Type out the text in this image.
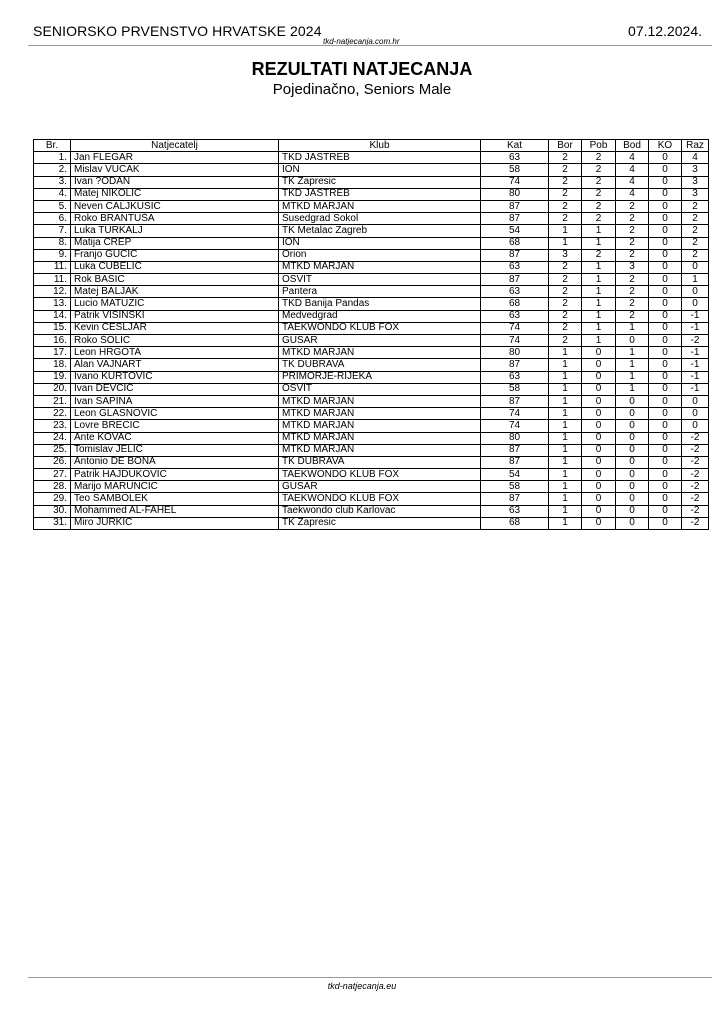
SENIORSKO PRVENSTVO HRVATSKE 2024
tkd-natjecanja.com.hr
07.12.2024.
REZULTATI NATJECANJA
Pojedinačno, Seniors Male
Br.	Natjecatelj	Klub	Kat	Bor	Pob	Bod	KO	Raz
1.	Jan FLEGAR	TKD JASTREB	63	2	2	4	0	4
2.	Mislav VUCAK	ION	58	2	2	4	0	3
3.	Ivan ?ODAN	TK Zapresic	74	2	2	4	0	3
4.	Matej NIKOLIC	TKD JASTREB	80	2	2	4	0	3
5.	Neven CALJKUSIC	MTKD MARJAN	87	2	2	2	0	2
6.	Roko BRANTUŠA	Susedgrad Sokol	87	2	2	2	0	2
7.	Luka TURKALJ	TK Metalac Zagreb	54	1	1	2	0	2
8.	Matija CREP	ION	68	1	1	2	0	2
9.	Franjo GUCIC	Orion	87	3	2	2	0	2
11.	Luka CUBELIC	MTKD MARJAN	63	2	1	3	0	0
11.	Rok BASIC	OSVIT	87	2	1	2	0	1
12.	Matej BALJAK	Pantera	63	2	1	2	0	0
13.	Lucio MATUZIC	TKD Banija Pandas	68	2	1	2	0	0
14.	Patrik VISINSKI	Medvedgrad	63	2	1	2	0	-1
15.	Kevin CESLJAR	TAEKWONDO KLUB FOX	74	2	1	1	0	-1
16.	Roko ŠOLIC	GUSAR	74	2	1	0	0	-2
17.	Leon HRGOTA	MTKD MARJAN	80	1	0	1	0	-1
18.	Alan VAJNART	TK DUBRAVA	87	1	0	1	0	-1
19.	Ivano KURTOVIC	PRIMORJE-RIJEKA	63	1	0	1	0	-1
20.	Ivan DEVCIC	OSVIT	58	1	0	1	0	-1
21.	Ivan SAPINA	MTKD MARJAN	87	1	0	0	0	0
22.	Leon GLASNOVIC	MTKD MARJAN	74	1	0	0	0	0
23.	Lovre BRECIC	MTKD MARJAN	74	1	0	0	0	0
24.	Ante KOVAC	MTKD MARJAN	80	1	0	0	0	-2
25.	Tomislav JELIC	MTKD MARJAN	87	1	0	0	0	-2
26.	Antonio DE BONA	TK DUBRAVA	87	1	0	0	0	-2
27.	Patrik HAJDUKOVIC	TAEKWONDO KLUB FOX	54	1	0	0	0	-2
28.	Marijo MARUNCIC	GUSAR	58	1	0	0	0	-2
29.	Teo SAMBOLEK	TAEKWONDO KLUB FOX	87	1	0	0	0	-2
30.	Mohammed AL-FAHEL	Taekwondo club Karlovac	63	1	0	0	0	-2
31.	Miro JURKIC	TK Zapresic	68	1	0	0	0	-2
tkd-natjecanja.eu
